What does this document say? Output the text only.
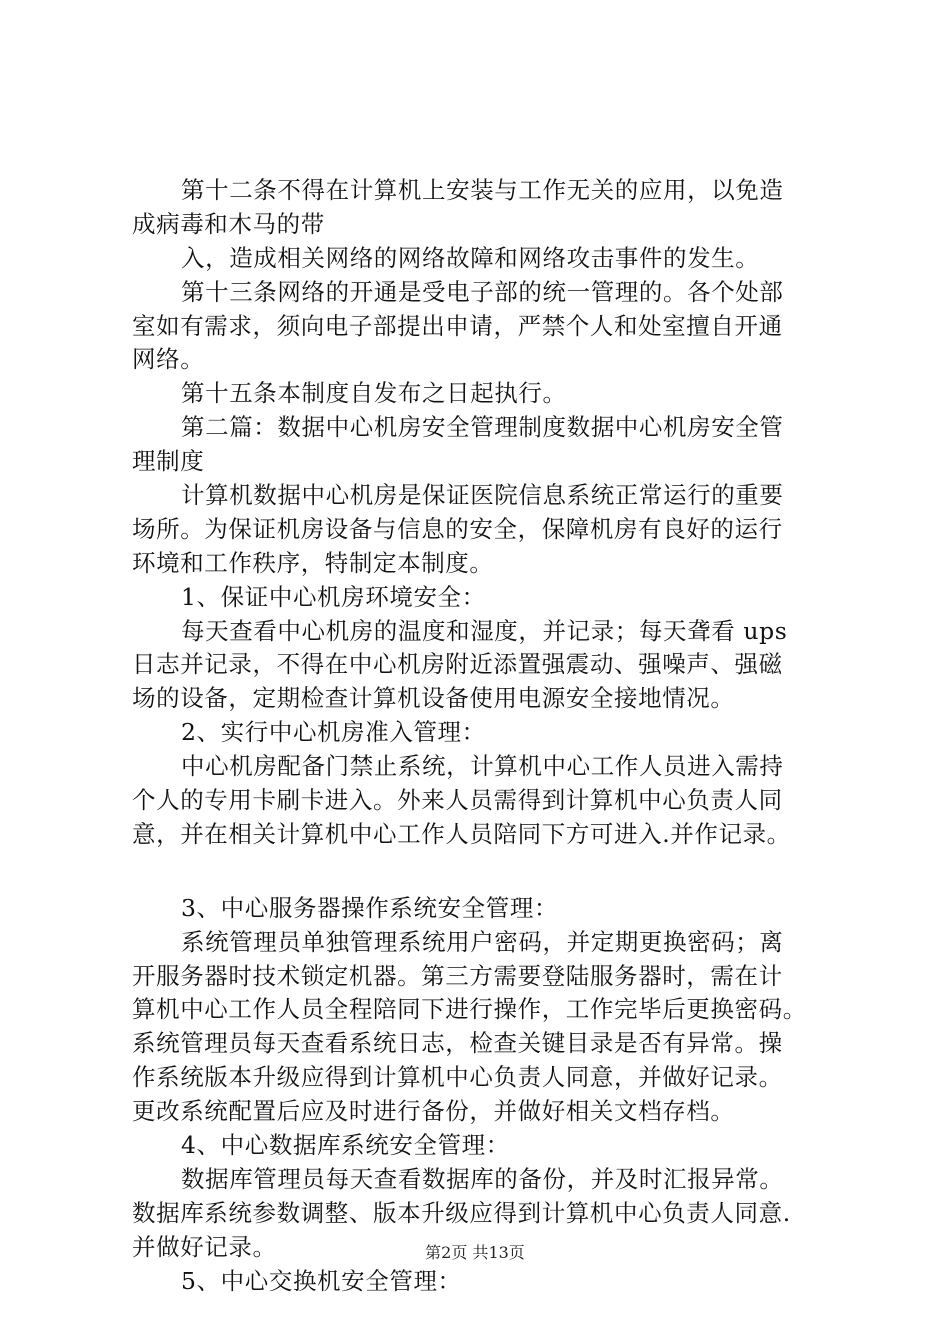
第十二条不得在计算机上安装与工作无关的应用，以免造
成病毒和木马的带
入，造成相关网络的网络故障和网络攻击事件的发生。
第十三条网络的开通是受电子部的统一管理的。各个处部
室如有需求，须向电子部提出申请，严禁个人和处室擅自开通
网络。
第十五条本制度自发布之日起执行。
第二篇：数据中心机房安全管理制度数据中心机房安全管
理制度
计算机数据中心机房是保证医院信息系统正常运行的重要
场所。为保证机房设备与信息的安全，保障机房有良好的运行
环境和工作秩序，特制定本制度。
1、保证中心机房环境安全：
每天查看中心机房的温度和湿度，并记录；每天聋看 ups
日志并记录，不得在中心机房附近添置强震动、强噪声、强磁
场的设备，定期检查计算机设备使用电源安全接地情况。
2、实行中心机房准入管理：
中心机房配备门禁止系统，计算机中心工作人员进入需持
个人的专用卡刷卡进入。外来人员需得到计算机中心负责人同
意，并在相关计算机中心工作人员陪同下方可进入.并作记录。
3、中心服务器操作系统安全管理：
系统管理员单独管理系统用户密码，并定期更换密码；离
开服务器时技术锁定机器。第三方需要登陆服务器时，需在计
算机中心工作人员全程陪同下进行操作，工作完毕后更换密码。
系统管理员每天查看系统日志，检查关键目录是否有异常。操
作系统版本升级应得到计算机中心负责人同意，并做好记录。
更改系统配置后应及时进行备份，并做好相关文档存档。
4、中心数据库系统安全管理：
数据库管理员每天查看数据库的备份，并及时汇报异常。
数据库系统参数调整、版本升级应得到计算机中心负责人同意.
并做好记录。
5、中心交换机安全管理：
第2页 共13页
